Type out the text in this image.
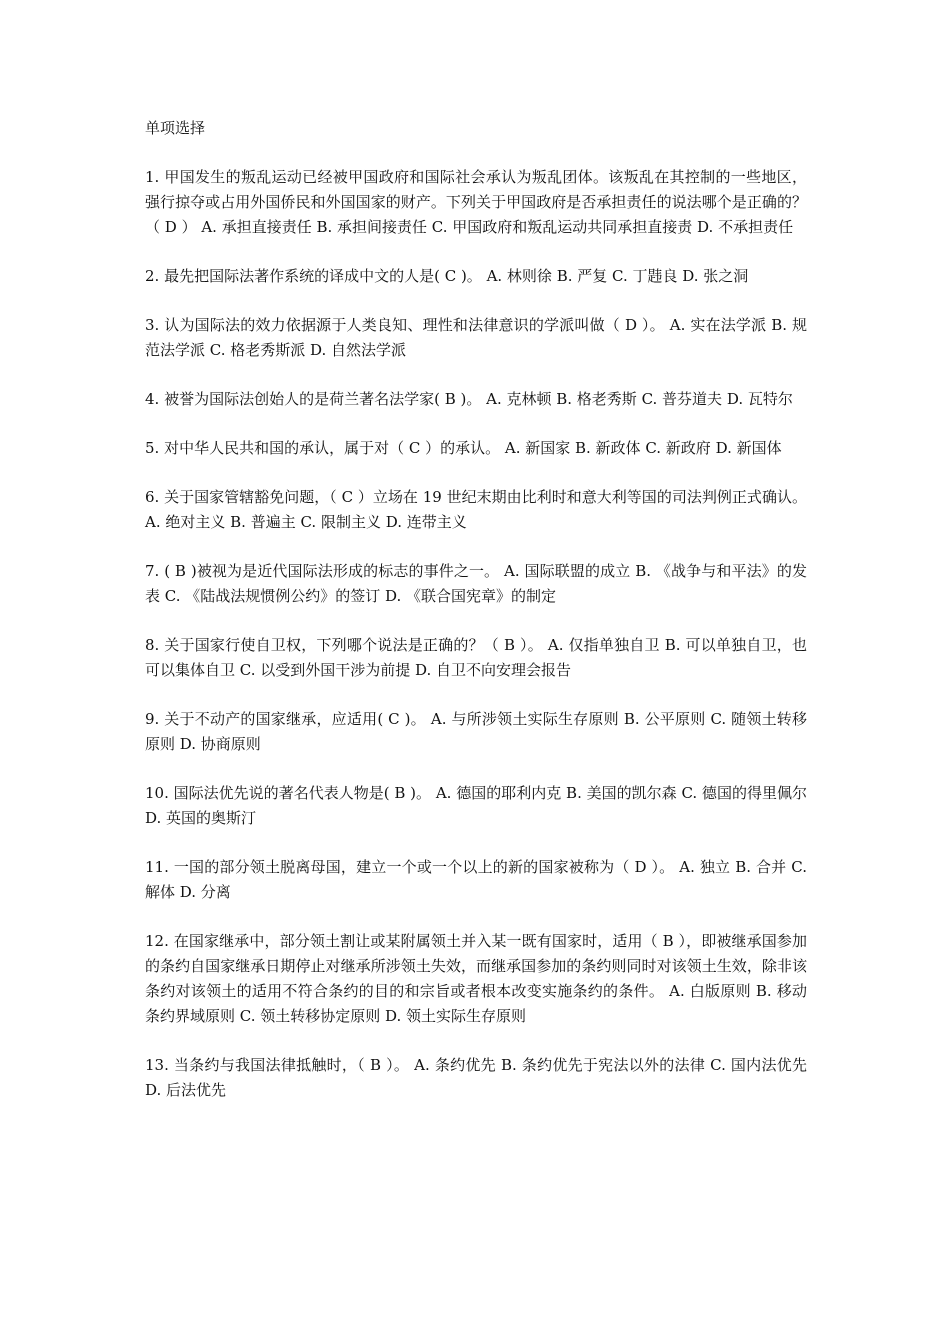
单项选择

1. 甲国发生的叛乱运动已经被甲国政府和国际社会承认为叛乱团体。该叛乱在其控制的一些地区，强行掠夺或占用外国侨民和外国国家的财产。下列关于甲国政府是否承担责任的说法哪个是正确的？（ D ） A. 承担直接责任 B. 承担间接责任 C. 甲国政府和叛乱运动共同承担直接责 D. 不承担责任

2. 最先把国际法著作系统的译成中文的人是( C )。 A. 林则徐 B. 严复 C. 丁韪良 D. 张之洞

3. 认为国际法的效力依据源于人类良知、理性和法律意识的学派叫做（ D ）。 A. 实在法学派 B. 规范法学派 C. 格老秀斯派 D. 自然法学派

4. 被誉为国际法创始人的是荷兰著名法学家( B )。 A. 克林顿 B. 格老秀斯 C. 普芬道夫 D. 瓦特尔

5. 对中华人民共和国的承认，属于对（ C ）的承认。 A. 新国家 B. 新政体 C. 新政府 D. 新国体

6. 关于国家管辖豁免问题，（ C ）立场在 19 世纪末期由比利时和意大利等国的司法判例正式确认。 A. 绝对主义 B. 普遍主 C. 限制主义 D. 连带主义

7. ( B )被视为是近代国际法形成的标志的事件之一。 A. 国际联盟的成立 B. 《战争与和平法》的发表 C. 《陆战法规惯例公约》的签订 D. 《联合国宪章》的制定

8. 关于国家行使自卫权，下列哪个说法是正确的？（ B ）。 A. 仅指单独自卫 B. 可以单独自卫，也可以集体自卫 C. 以受到外国干涉为前提 D. 自卫不向安理会报告

9. 关于不动产的国家继承，应适用( C )。 A. 与所涉领土实际生存原则 B. 公平原则 C. 随领土转移原则 D. 协商原则

10. 国际法优先说的著名代表人物是( B )。 A. 德国的耶利内克 B. 美国的凯尔森 C. 德国的得里佩尔 D. 英国的奥斯汀

11. 一国的部分领土脱离母国，建立一个或一个以上的新的国家被称为（ D ）。 A. 独立 B. 合并 C. 解体 D. 分离

12. 在国家继承中，部分领土割让或某附属领土并入某一既有国家时，适用（ B ），即被继承国参加的条约自国家继承日期停止对继承所涉领土失效，而继承国参加的条约则同时对该领土生效，除非该条约对该领土的适用不符合条约的目的和宗旨或者根本改变实施条约的条件。 A. 白版原则 B. 移动条约界域原则 C. 领土转移协定原则 D. 领土实际生存原则

13. 当条约与我国法律抵触时，（ B ）。 A. 条约优先 B. 条约优先于宪法以外的法律 C. 国内法优先 D. 后法优先
